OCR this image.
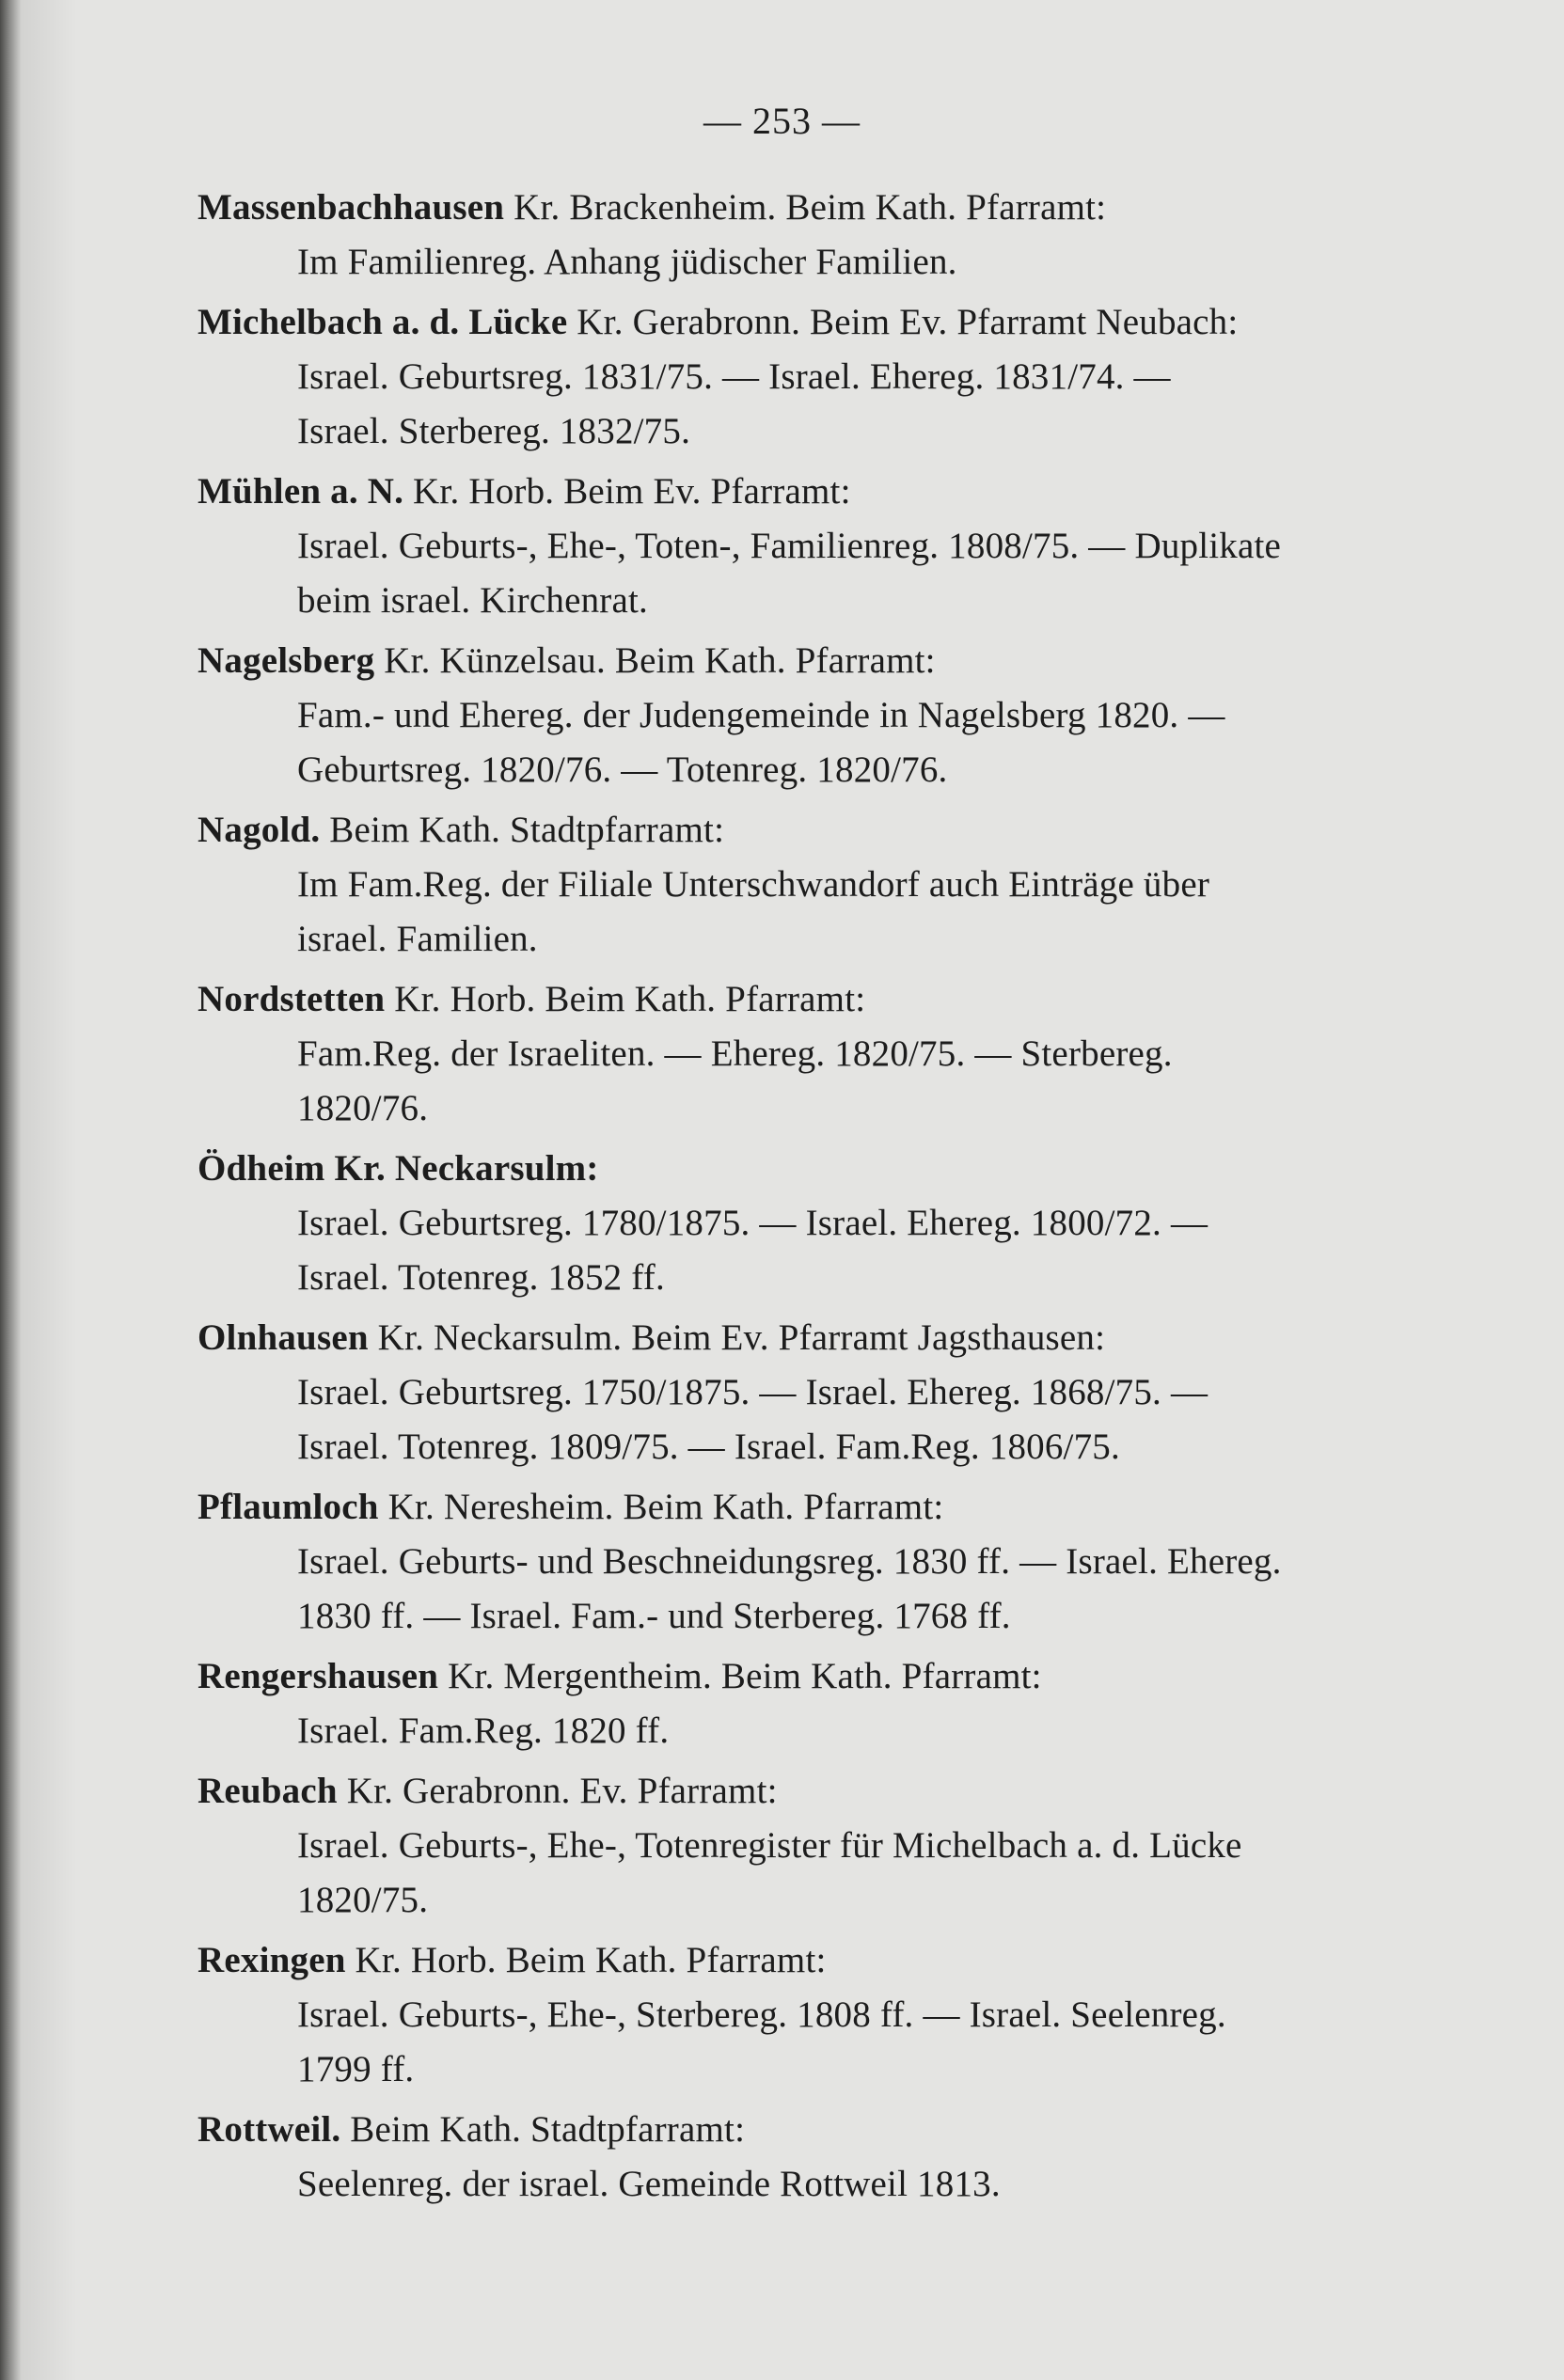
— 253 —
Massenbachhausen Kr. Brackenheim. Beim Kath. Pfarramt:
Im Familienreg. Anhang jüdischer Familien.
Michelbach a. d. Lücke Kr. Gerabronn. Beim Ev. Pfarramt Neubach:
Israel. Geburtsreg. 1831/75. — Israel. Ehereg. 1831/74. —
Israel. Sterbereg. 1832/75.
Mühlen a. N. Kr. Horb. Beim Ev. Pfarramt:
Israel. Geburts-, Ehe-, Toten-, Familienreg. 1808/75. — Duplikate
beim israel. Kirchenrat.
Nagelsberg Kr. Künzelsau. Beim Kath. Pfarramt:
Fam.- und Ehereg. der Judengemeinde in Nagelsberg 1820. —
Geburtsreg. 1820/76. — Totenreg. 1820/76.
Nagold. Beim Kath. Stadtpfarramt:
Im Fam.Reg. der Filiale Unterschwandorf auch Einträge über
israel. Familien.
Nordstetten Kr. Horb. Beim Kath. Pfarramt:
Fam.Reg. der Israeliten. — Ehereg. 1820/75. — Sterbereg.
1820/76.
Ödheim Kr. Neckarsulm:
Israel. Geburtsreg. 1780/1875. — Israel. Ehereg. 1800/72. —
Israel. Totenreg. 1852 ff.
Olnhausen Kr. Neckarsulm. Beim Ev. Pfarramt Jagsthausen:
Israel. Geburtsreg. 1750/1875. — Israel. Ehereg. 1868/75. —
Israel. Totenreg. 1809/75. — Israel. Fam.Reg. 1806/75.
Pflaumloch Kr. Neresheim. Beim Kath. Pfarramt:
Israel. Geburts- und Beschneidungsreg. 1830 ff. — Israel. Ehereg.
1830 ff. — Israel. Fam.- und Sterbereg. 1768 ff.
Rengershausen Kr. Mergentheim. Beim Kath. Pfarramt:
Israel. Fam.Reg. 1820 ff.
Reubach Kr. Gerabronn. Ev. Pfarramt:
Israel. Geburts-, Ehe-, Totenregister für Michelbach a. d. Lücke
1820/75.
Rexingen Kr. Horb. Beim Kath. Pfarramt:
Israel. Geburts-, Ehe-, Sterbereg. 1808 ff. — Israel. Seelenreg.
1799 ff.
Rottweil. Beim Kath. Stadtpfarramt:
Seelenreg. der israel. Gemeinde Rottweil 1813.
